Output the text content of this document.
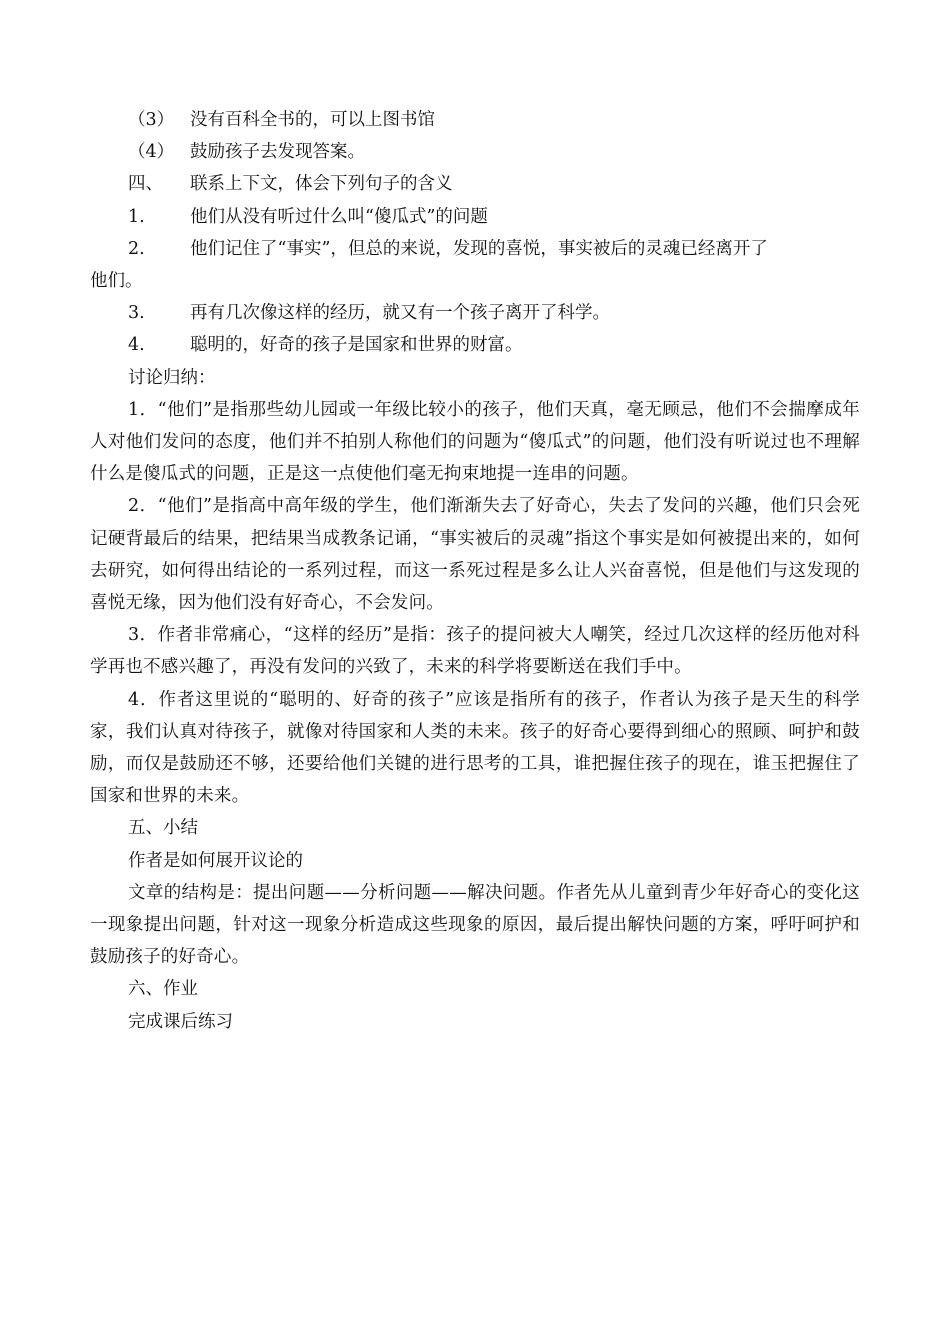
（3） 没有百科全书的，可以上图书馆
（4） 鼓励孩子去发现答案。
四、	联系上下文，体会下列句子的含义
1.	他们从没有听过什么叫“傻瓜式”的问题
2.	他们记住了“事实”，但总的来说，发现的喜悦，事实被后的灵魂已经离开了
他们。
3.	再有几次像这样的经历，就又有一个孩子离开了科学。
4.	聪明的，好奇的孩子是国家和世界的财富。
讨论归纳：
1．“他们”是指那些幼儿园或一年级比较小的孩子，他们天真，毫无顾忌，他们不会揣摩成年人对他们发问的态度，他们并不拍别人称他们的问题为“傻瓜式”的问题，他们没有听说过也不理解什么是傻瓜式的问题，正是这一点使他们毫无拘束地提一连串的问题。
2．“他们”是指高中高年级的学生，他们渐渐失去了好奇心，失去了发问的兴趣，他们只会死记硬背最后的结果，把结果当成教条记诵，“事实被后的灵魂”指这个事实是如何被提出来的，如何去研究，如何得出结论的一系列过程，而这一系死过程是多么让人兴奋喜悦，但是他们与这发现的喜悦无缘，因为他们没有好奇心，不会发问。
3．作者非常痛心，“这样的经历”是指：孩子的提问被大人嘲笑，经过几次这样的经历他对科学再也不感兴趣了，再没有发问的兴致了，未来的科学将要断送在我们手中。
4．作者这里说的“聪明的、好奇的孩子”应该是指所有的孩子，作者认为孩子是天生的科学家，我们认真对待孩子，就像对待国家和人类的未来。孩子的好奇心要得到细心的照顾、呵护和鼓励，而仅是鼓励还不够，还要给他们关键的进行思考的工具，谁把握住孩子的现在，谁玉把握住了国家和世界的未来。
五、小结
作者是如何展开议论的
文章的结构是：提出问题——分析问题——解决问题。作者先从儿童到青少年好奇心的变化这一现象提出问题，针对这一现象分析造成这些现象的原因，最后提出解快问题的方案，呼吁呵护和鼓励孩子的好奇心。
六、作业
完成课后练习
